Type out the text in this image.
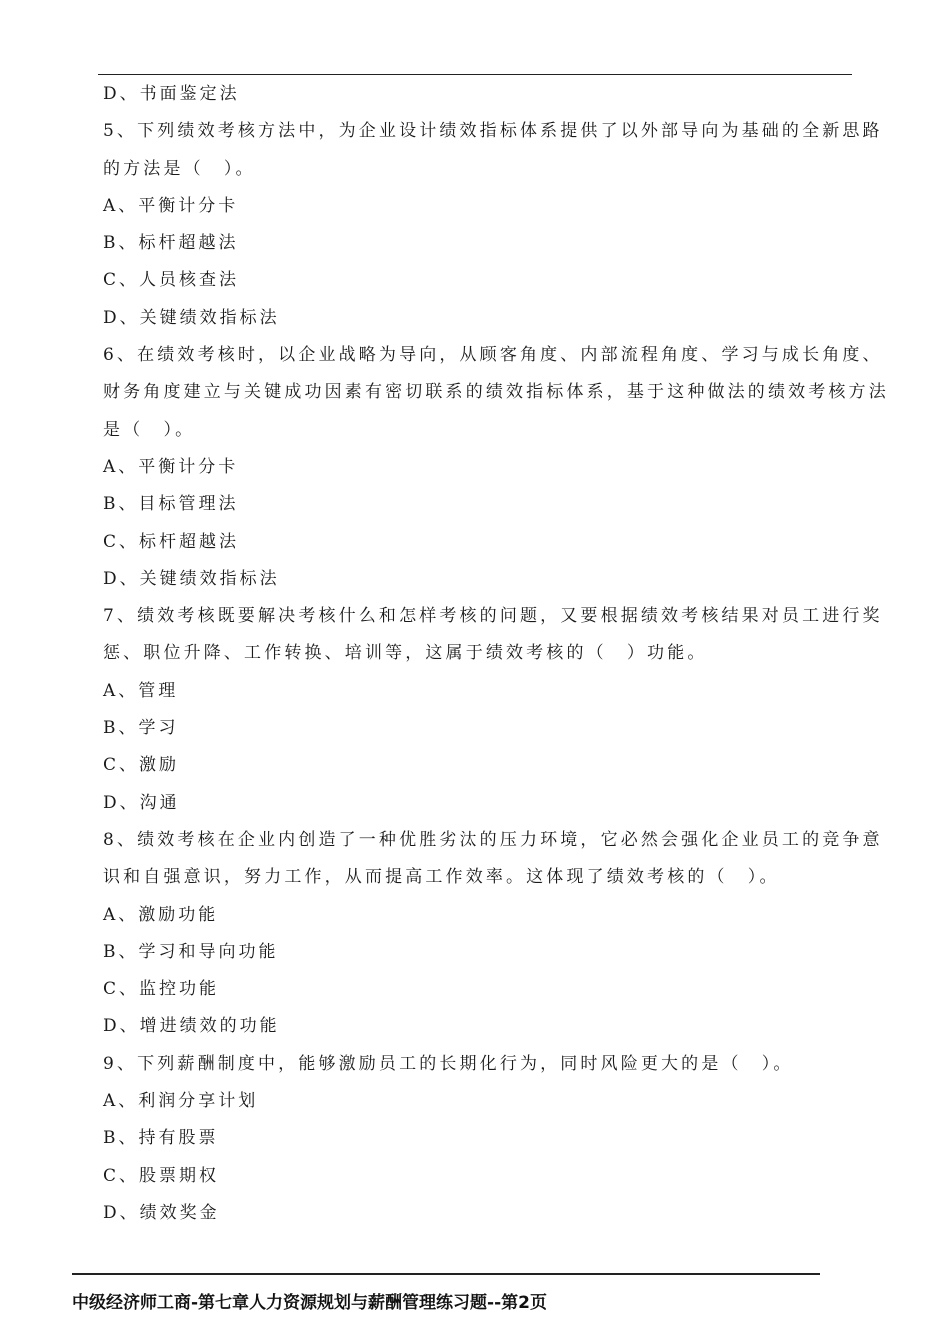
D、书面鉴定法
5、下列绩效考核方法中，为企业设计绩效指标体系提供了以外部导向为基础的全新思路
的方法是（　）。
A、平衡计分卡
B、标杆超越法
C、人员核查法
D、关键绩效指标法
6、在绩效考核时，以企业战略为导向，从顾客角度、内部流程角度、学习与成长角度、
财务角度建立与关键成功因素有密切联系的绩效指标体系，基于这种做法的绩效考核方法
是（　）。
A、平衡计分卡
B、目标管理法
C、标杆超越法
D、关键绩效指标法
7、绩效考核既要解决考核什么和怎样考核的问题，又要根据绩效考核结果对员工进行奖
惩、职位升降、工作转换、培训等，这属于绩效考核的（　）功能。
A、管理
B、学习
C、激励
D、沟通
8、绩效考核在企业内创造了一种优胜劣汰的压力环境，它必然会强化企业员工的竞争意
识和自强意识，努力工作，从而提高工作效率。这体现了绩效考核的（　）。
A、激励功能
B、学习和导向功能
C、监控功能
D、增进绩效的功能
9、下列薪酬制度中，能够激励员工的长期化行为，同时风险更大的是（　）。
A、利润分享计划
B、持有股票
C、股票期权
D、绩效奖金
中级经济师工商-第七章人力资源规划与薪酬管理练习题--第2页
